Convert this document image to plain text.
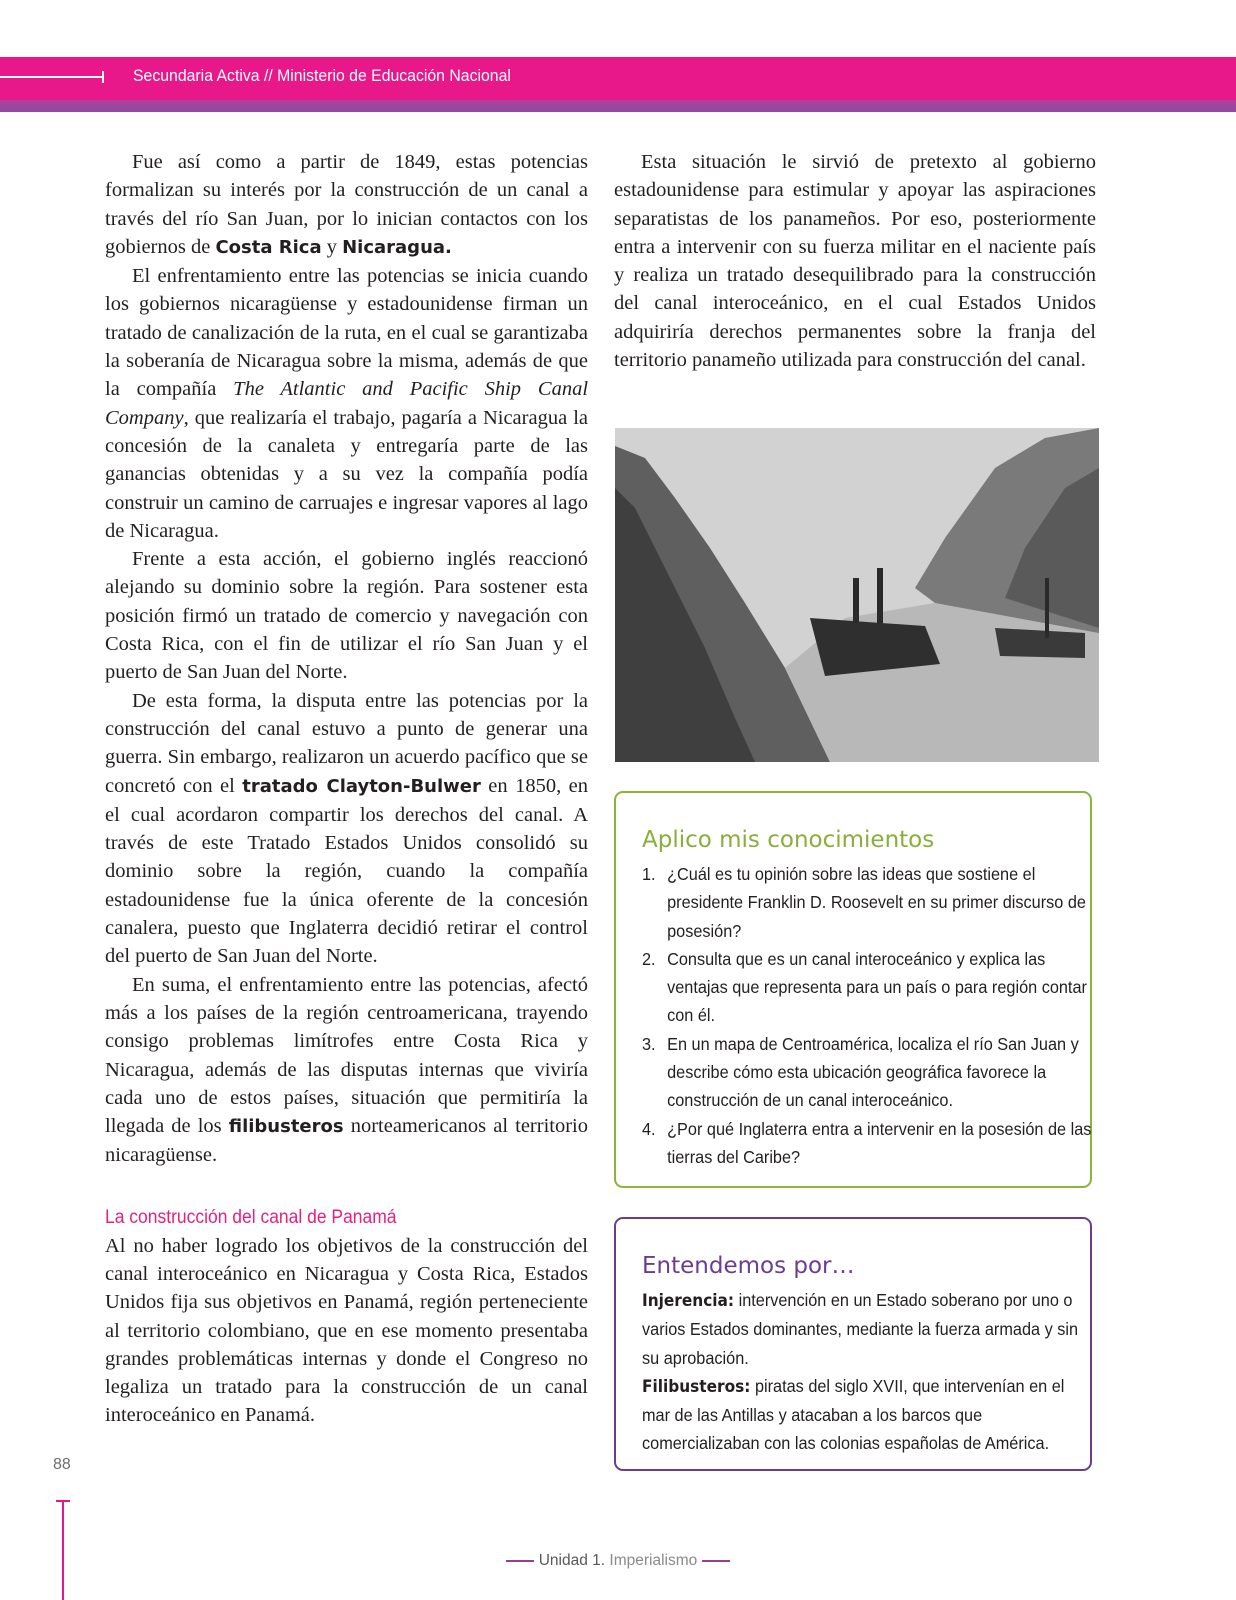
Secundaria Activa // Ministerio de Educación Nacional

Fue así como a partir de 1849, estas potencias formalizan su interés por la construcción de un canal a través del río San Juan, por lo inician contactos con los gobiernos de Costa Rica y Nicaragua.

El enfrentamiento entre las potencias se inicia cuando los gobiernos nicaragüense y estadounidense firman un tratado de canalización de la ruta, en el cual se garantizaba la soberanía de Nicaragua sobre la misma, además de que la compañía The Atlantic and Pacific Ship Canal Company, que realizaría el trabajo, pagaría a Nicaragua la concesión de la canaleta y entregaría parte de las ganancias obtenidas y a su vez la compañía podía construir un camino de carruajes e ingresar vapores al lago de Nicaragua.

Frente a esta acción, el gobierno inglés reaccionó alejando su dominio sobre la región. Para sostener esta posición firmó un tratado de comercio y navegación con Costa Rica, con el fin de utilizar el río San Juan y el puerto de San Juan del Norte.

De esta forma, la disputa entre las potencias por la construcción del canal estuvo a punto de generar una guerra. Sin embargo, realizaron un acuerdo pacífico que se concretó con el tratado Clayton-Bulwer en 1850, en el cual acordaron compartir los derechos del canal. A través de este Tratado Estados Unidos consolidó su dominio sobre la región, cuando la compañía estadounidense fue la única oferente de la concesión canalera, puesto que Inglaterra decidió retirar el control del puerto de San Juan del Norte.

En suma, el enfrentamiento entre las potencias, afectó más a los países de la región centroamericana, trayendo consigo problemas limítrofes entre Costa Rica y Nicaragua, además de las disputas internas que viviría cada uno de estos países, situación que permitiría la llegada de los filibusteros norteamericanos al territorio nicaragüense.

La construcción del canal de Panamá

Al no haber logrado los objetivos de la construcción del canal interoceánico en Nicaragua y Costa Rica, Estados Unidos fija sus objetivos en Panamá, región perteneciente al territorio colombiano, que en ese momento presentaba grandes problemáticas internas y donde el Congreso no legaliza un tratado para la construcción de un canal interoceánico en Panamá.

Esta situación le sirvió de pretexto al gobierno estadounidense para estimular y apoyar las aspiraciones separatistas de los panameños. Por eso, posteriormente entra a intervenir con su fuerza militar en el naciente país y realiza un tratado desequilibrado para la construcción del canal interoceánico, en el cual Estados Unidos adquiriría derechos permanentes sobre la franja del territorio panameño utilizada para construcción del canal.

Aplico mis conocimientos
1. ¿Cuál es tu opinión sobre las ideas que sostiene el presidente Franklin D. Roosevelt en su primer discurso de posesión?
2. Consulta que es un canal interoceánico y explica las ventajas que representa para un país o para región contar con él.
3. En un mapa de Centroamérica, localiza el río San Juan y describe cómo esta ubicación geográfica favorece la construcción de un canal interoceánico.
4. ¿Por qué Inglaterra entra a intervenir en la posesión de las tierras del Caribe?
Entendemos por…

Injerencia: intervención en un Estado soberano por uno o varios Estados dominantes, mediante la fuerza armada y sin su aprobación.

Filibusteros: piratas del siglo XVII, que intervenían en el mar de las Antillas y atacaban a los barcos que comercializaban con las colonias españolas de América.

88
Unidad 1. Imperialismo
